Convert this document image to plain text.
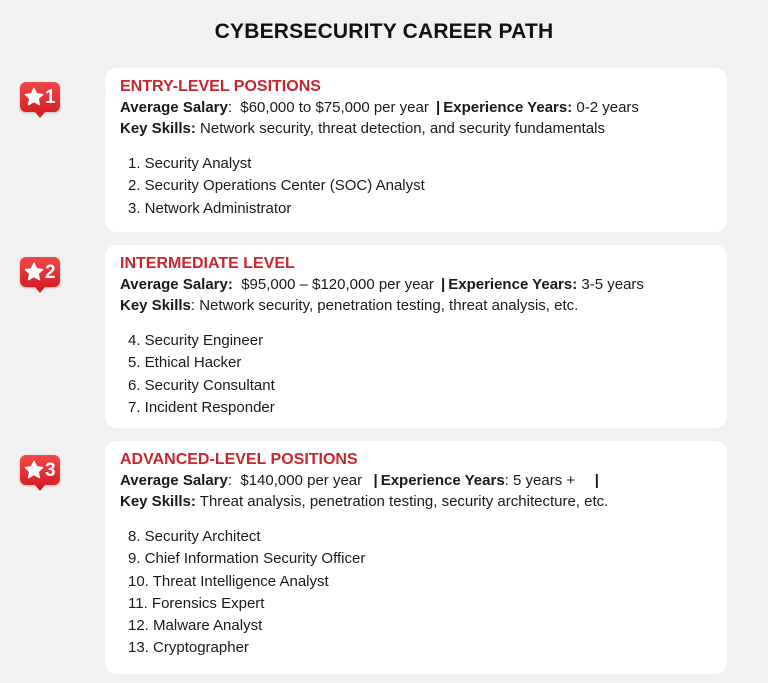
CYBERSECURITY CAREER PATH
1	ENTRY-LEVEL POSITIONS
Average Salary: $60,000 to $75,000 per year | Experience Years: 0-2 years
Key Skills: Network security, threat detection, and security fundamentals
1. Security Analyst
2. Security Operations Center (SOC) Analyst
3. Network Administrator
2	INTERMEDIATE LEVEL
Average Salary: $95,000 – $120,000 per year | Experience Years: 3-5 years
Key Skills: Network security, penetration testing, threat analysis, etc.
4. Security Engineer
5. Ethical Hacker
6. Security Consultant
7. Incident Responder
3	ADVANCED-LEVEL POSITIONS
Average Salary: $140,000 per year | Experience Years: 5 years + |
Key Skills: Threat analysis, penetration testing, security architecture, etc.
8. Security Architect
9. Chief Information Security Officer
10. Threat Intelligence Analyst
11. Forensics Expert
12. Malware Analyst
13. Cryptographer
